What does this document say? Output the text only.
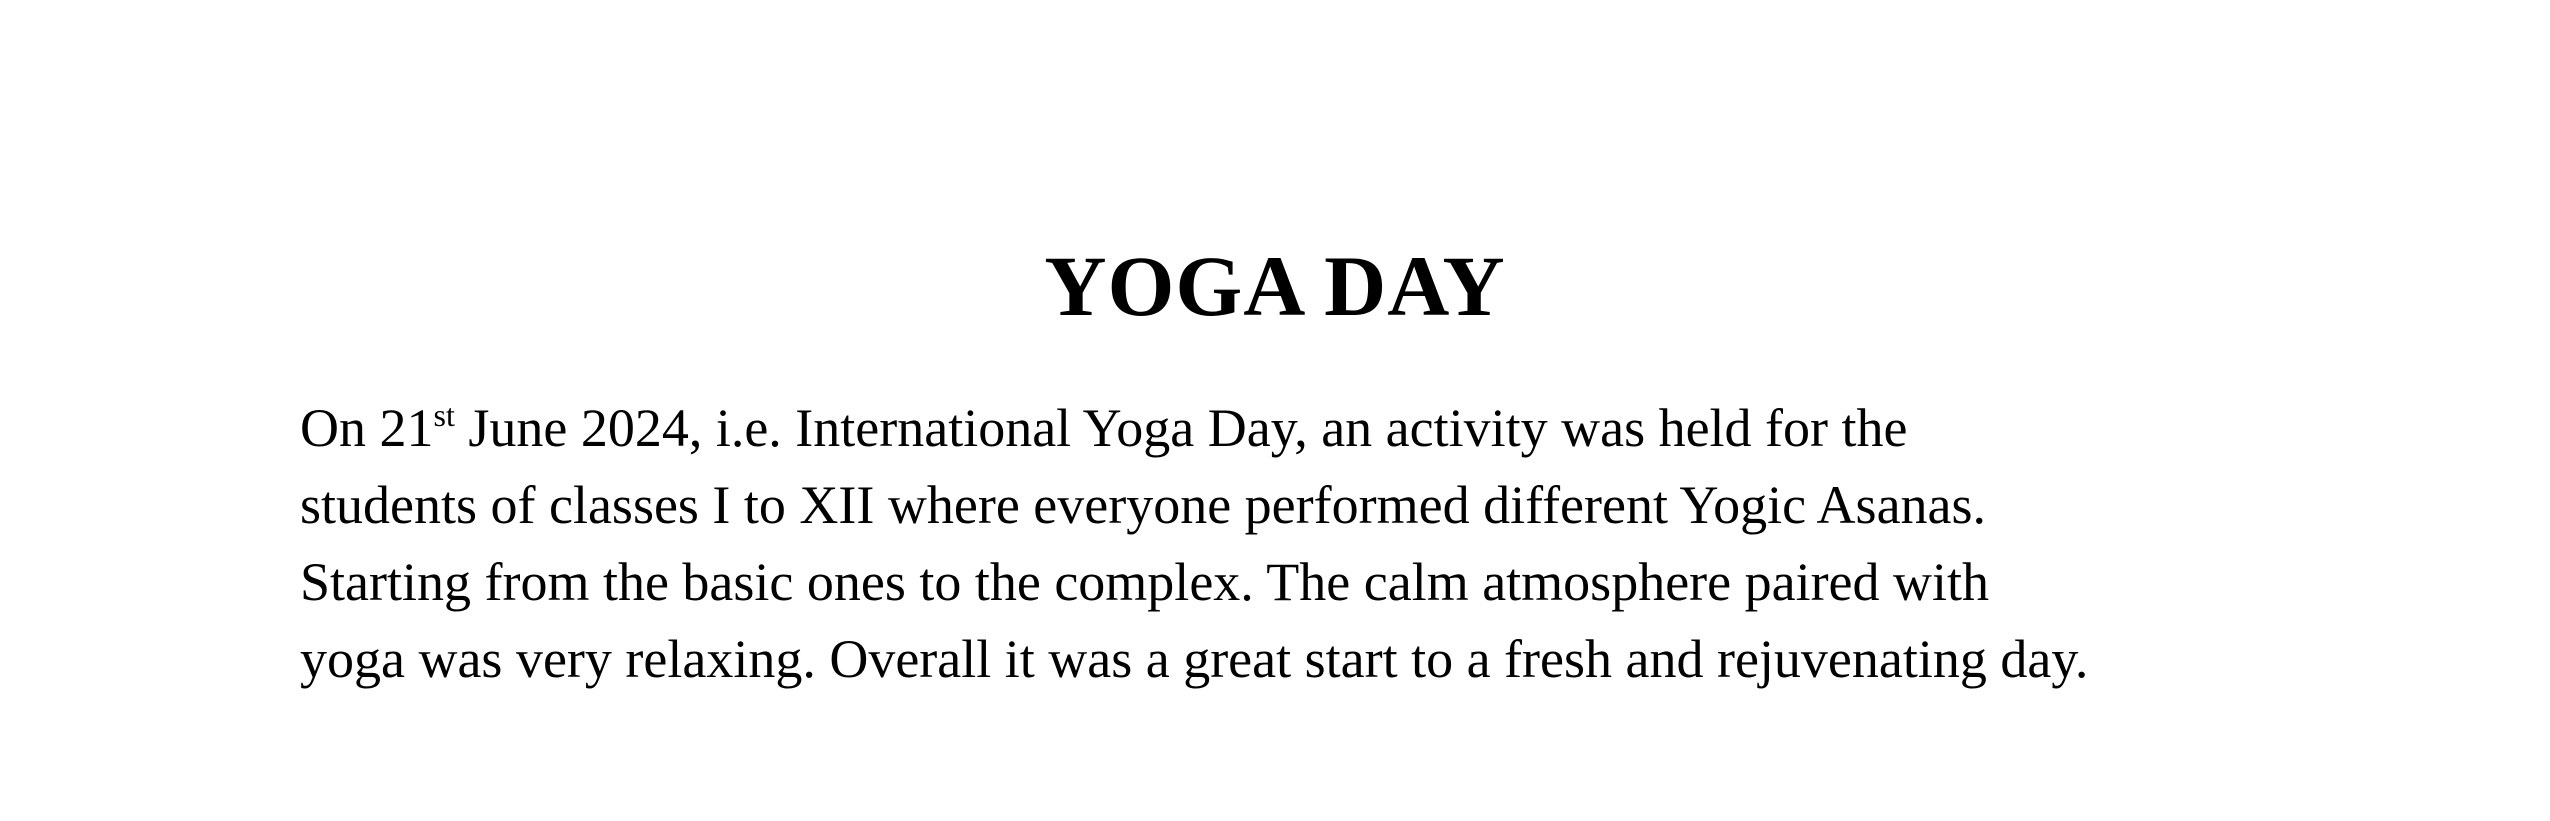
YOGA DAY

On 21st June 2024, i.e. International Yoga Day, an activity was held for the
students of classes I to XII where everyone performed different Yogic Asanas.
Starting from the basic ones to the complex. The calm atmosphere paired with
yoga was very relaxing. Overall it was a great start to a fresh and rejuvenating day.
